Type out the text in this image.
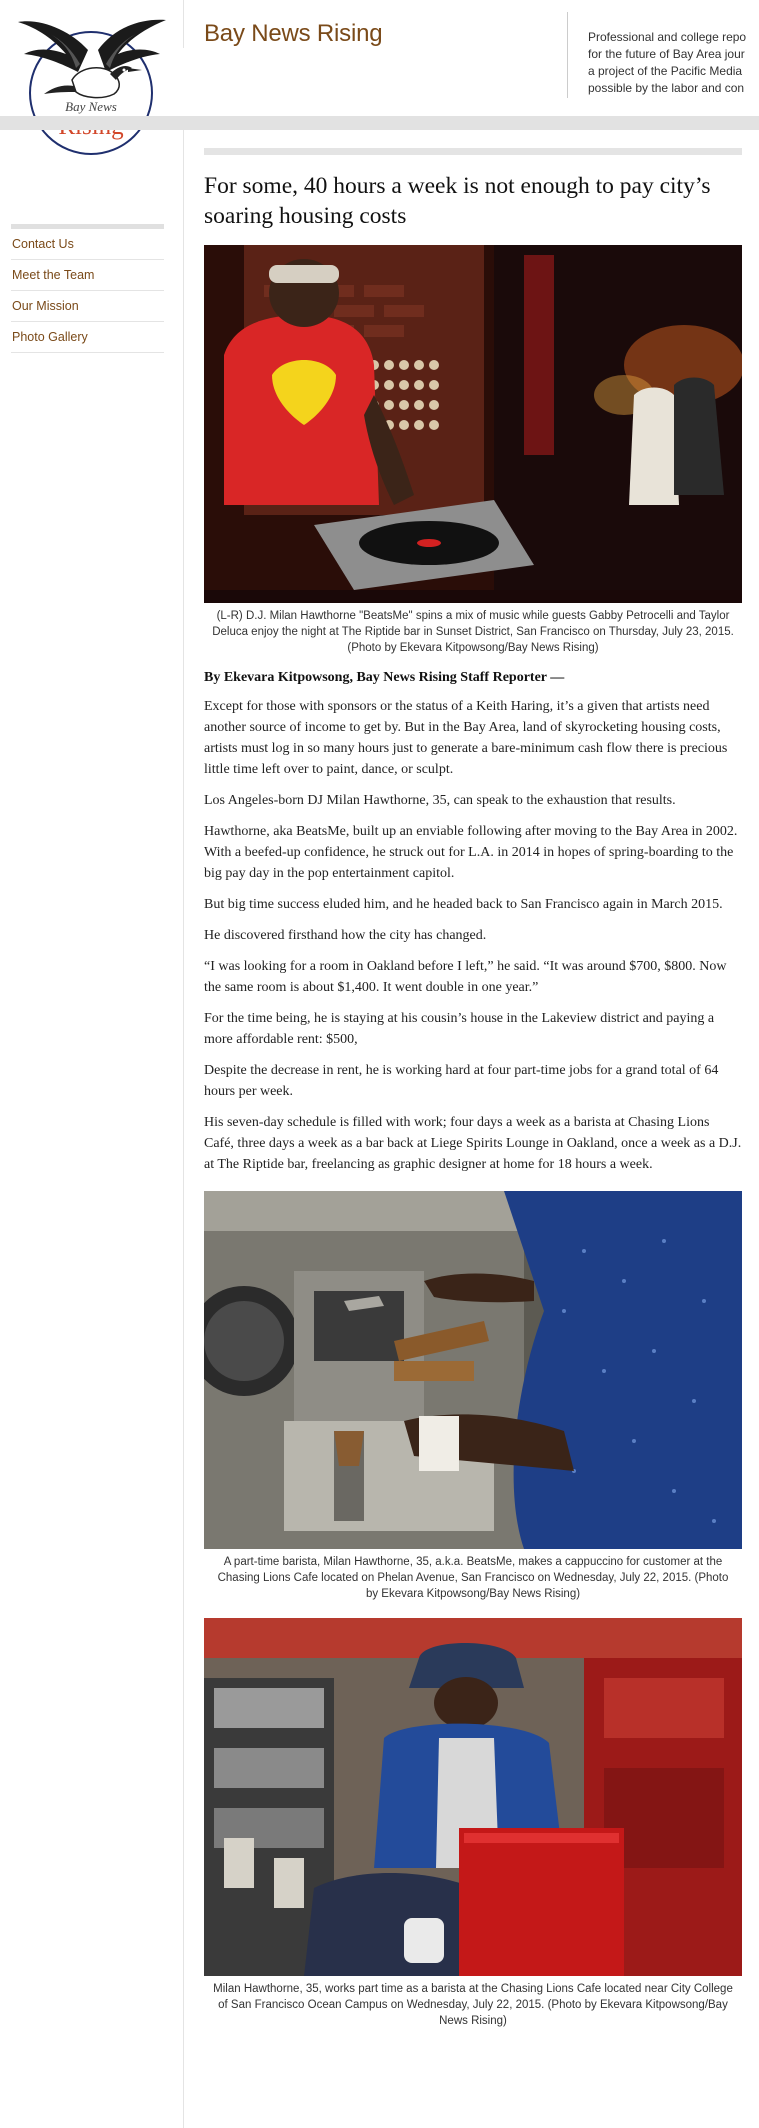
Bay News
Bay News Rising	Professional and college repo
for the future of Bay Area jour
a project of the Pacific Media
possible by the labor and con
Contact Us
Meet the Team
Our Mission
Photo Gallery
For some, 40 hours a week is not enough to pay city’s soaring housing costs

(L-R) D.J. Milan Hawthorne "BeatsMe" spins a mix of music while guests Gabby Petrocelli and Taylor Deluca enjoy the night at The Riptide bar in Sunset District, San Francisco on Thursday, July 23, 2015. (Photo by Ekevara Kitpowsong/Bay News Rising)

By Ekevara Kitpowsong, Bay News Rising Staff Reporter —

Except for those with sponsors or the status of a Keith Haring, it’s a given that artists need another source of income to get by. But in the Bay Area, land of skyrocketing housing costs, artists must log in so many hours just to generate a bare-minimum cash flow there is precious little time left over to paint, dance, or sculpt.

Los Angeles-born DJ Milan Hawthorne, 35, can speak to the exhaustion that results.

Hawthorne, aka BeatsMe, built up an enviable following after moving to the Bay Area in 2002. With a beefed-up confidence, he struck out for L.A. in 2014 in hopes of spring-boarding to the big pay day in the pop entertainment capitol.

But big time success eluded him, and he headed back to San Francisco again in March 2015.

He discovered firsthand how the city has changed.

“I was looking for a room in Oakland before I left,” he said. “It was around $700, $800. Now the same room is about $1,400. It went double in one year.”

For the time being, he is staying at his cousin’s house in the Lakeview district and paying a more affordable rent: $500,

Despite the decrease in rent, he is working hard at four part-time jobs for a grand total of 64 hours per week.

His seven-day schedule is filled with work; four days a week as a barista at Chasing Lions Café, three days a week as a bar back at Liege Spirits Lounge in Oakland, once a week as a D.J. at The Riptide bar, freelancing as graphic designer at home for 18 hours a week.

A part-time barista, Milan Hawthorne, 35, a.k.a. BeatsMe, makes a cappuccino for customer at the Chasing Lions Cafe located on Phelan Avenue, San Francisco on Wednesday, July 22, 2015. (Photo by Ekevara Kitpowsong/Bay News Rising)

Milan Hawthorne, 35, works part time as a barista at the Chasing Lions Cafe located near City College of San Francisco Ocean Campus on Wednesday, July 22, 2015. (Photo by Ekevara Kitpowsong/Bay News Rising)
